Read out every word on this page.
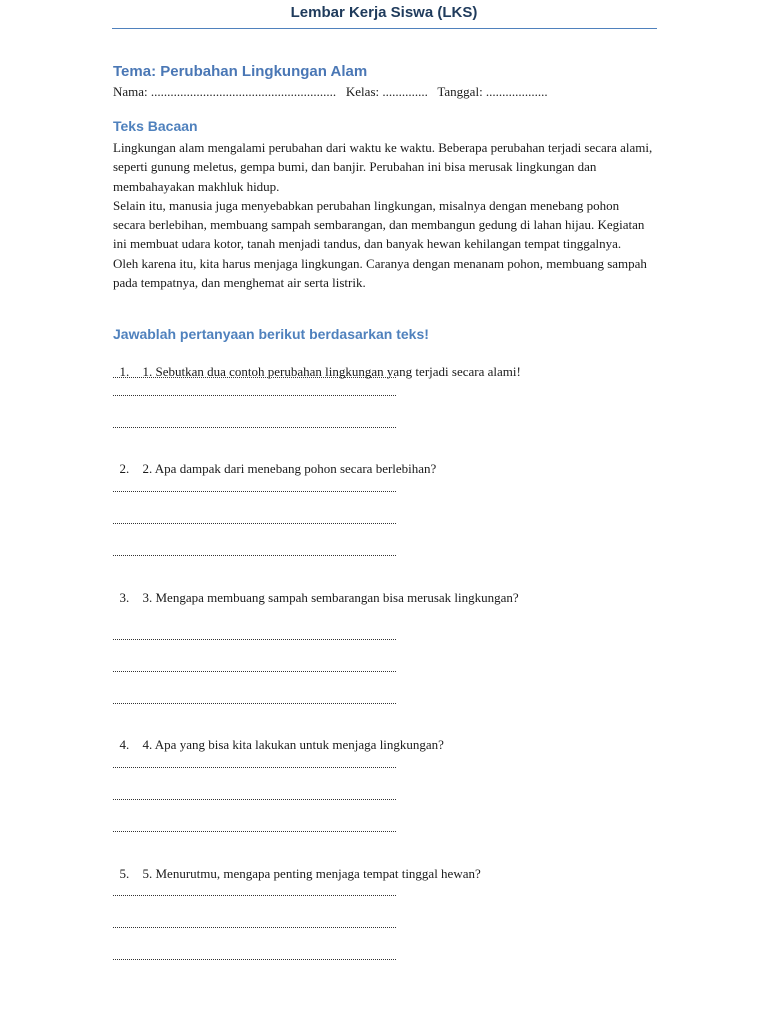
Lembar Kerja Siswa (LKS)
Tema: Perubahan Lingkungan Alam
Nama: .........................................................   Kelas: ..............   Tanggal: ...................
Teks Bacaan

Lingkungan alam mengalami perubahan dari waktu ke waktu. Beberapa perubahan terjadi secara alami, seperti gunung meletus, gempa bumi, dan banjir. Perubahan ini bisa merusak lingkungan dan membahayakan makhluk hidup.

Selain itu, manusia juga menyebabkan perubahan lingkungan, misalnya dengan menebang pohon secara berlebihan, membuang sampah sembarangan, dan membangun gedung di lahan hijau. Kegiatan ini membuat udara kotor, tanah menjadi tandus, dan banyak hewan kehilangan tempat tinggalnya.

Oleh karena itu, kita harus menjaga lingkungan. Caranya dengan menanam pohon, membuang sampah pada tempatnya, dan menghemat air serta listrik.

Jawablah pertanyaan berikut berdasarkan teks!

1. 1. Sebutkan dua contoh perubahan lingkungan yang terjadi secara alami!

2. 2. Apa dampak dari menebang pohon secara berlebihan?

3. 3. Mengapa membuang sampah sembarangan bisa merusak lingkungan?

4. 4. Apa yang bisa kita lakukan untuk menjaga lingkungan?

5. 5. Menurutmu, mengapa penting menjaga tempat tinggal hewan?
